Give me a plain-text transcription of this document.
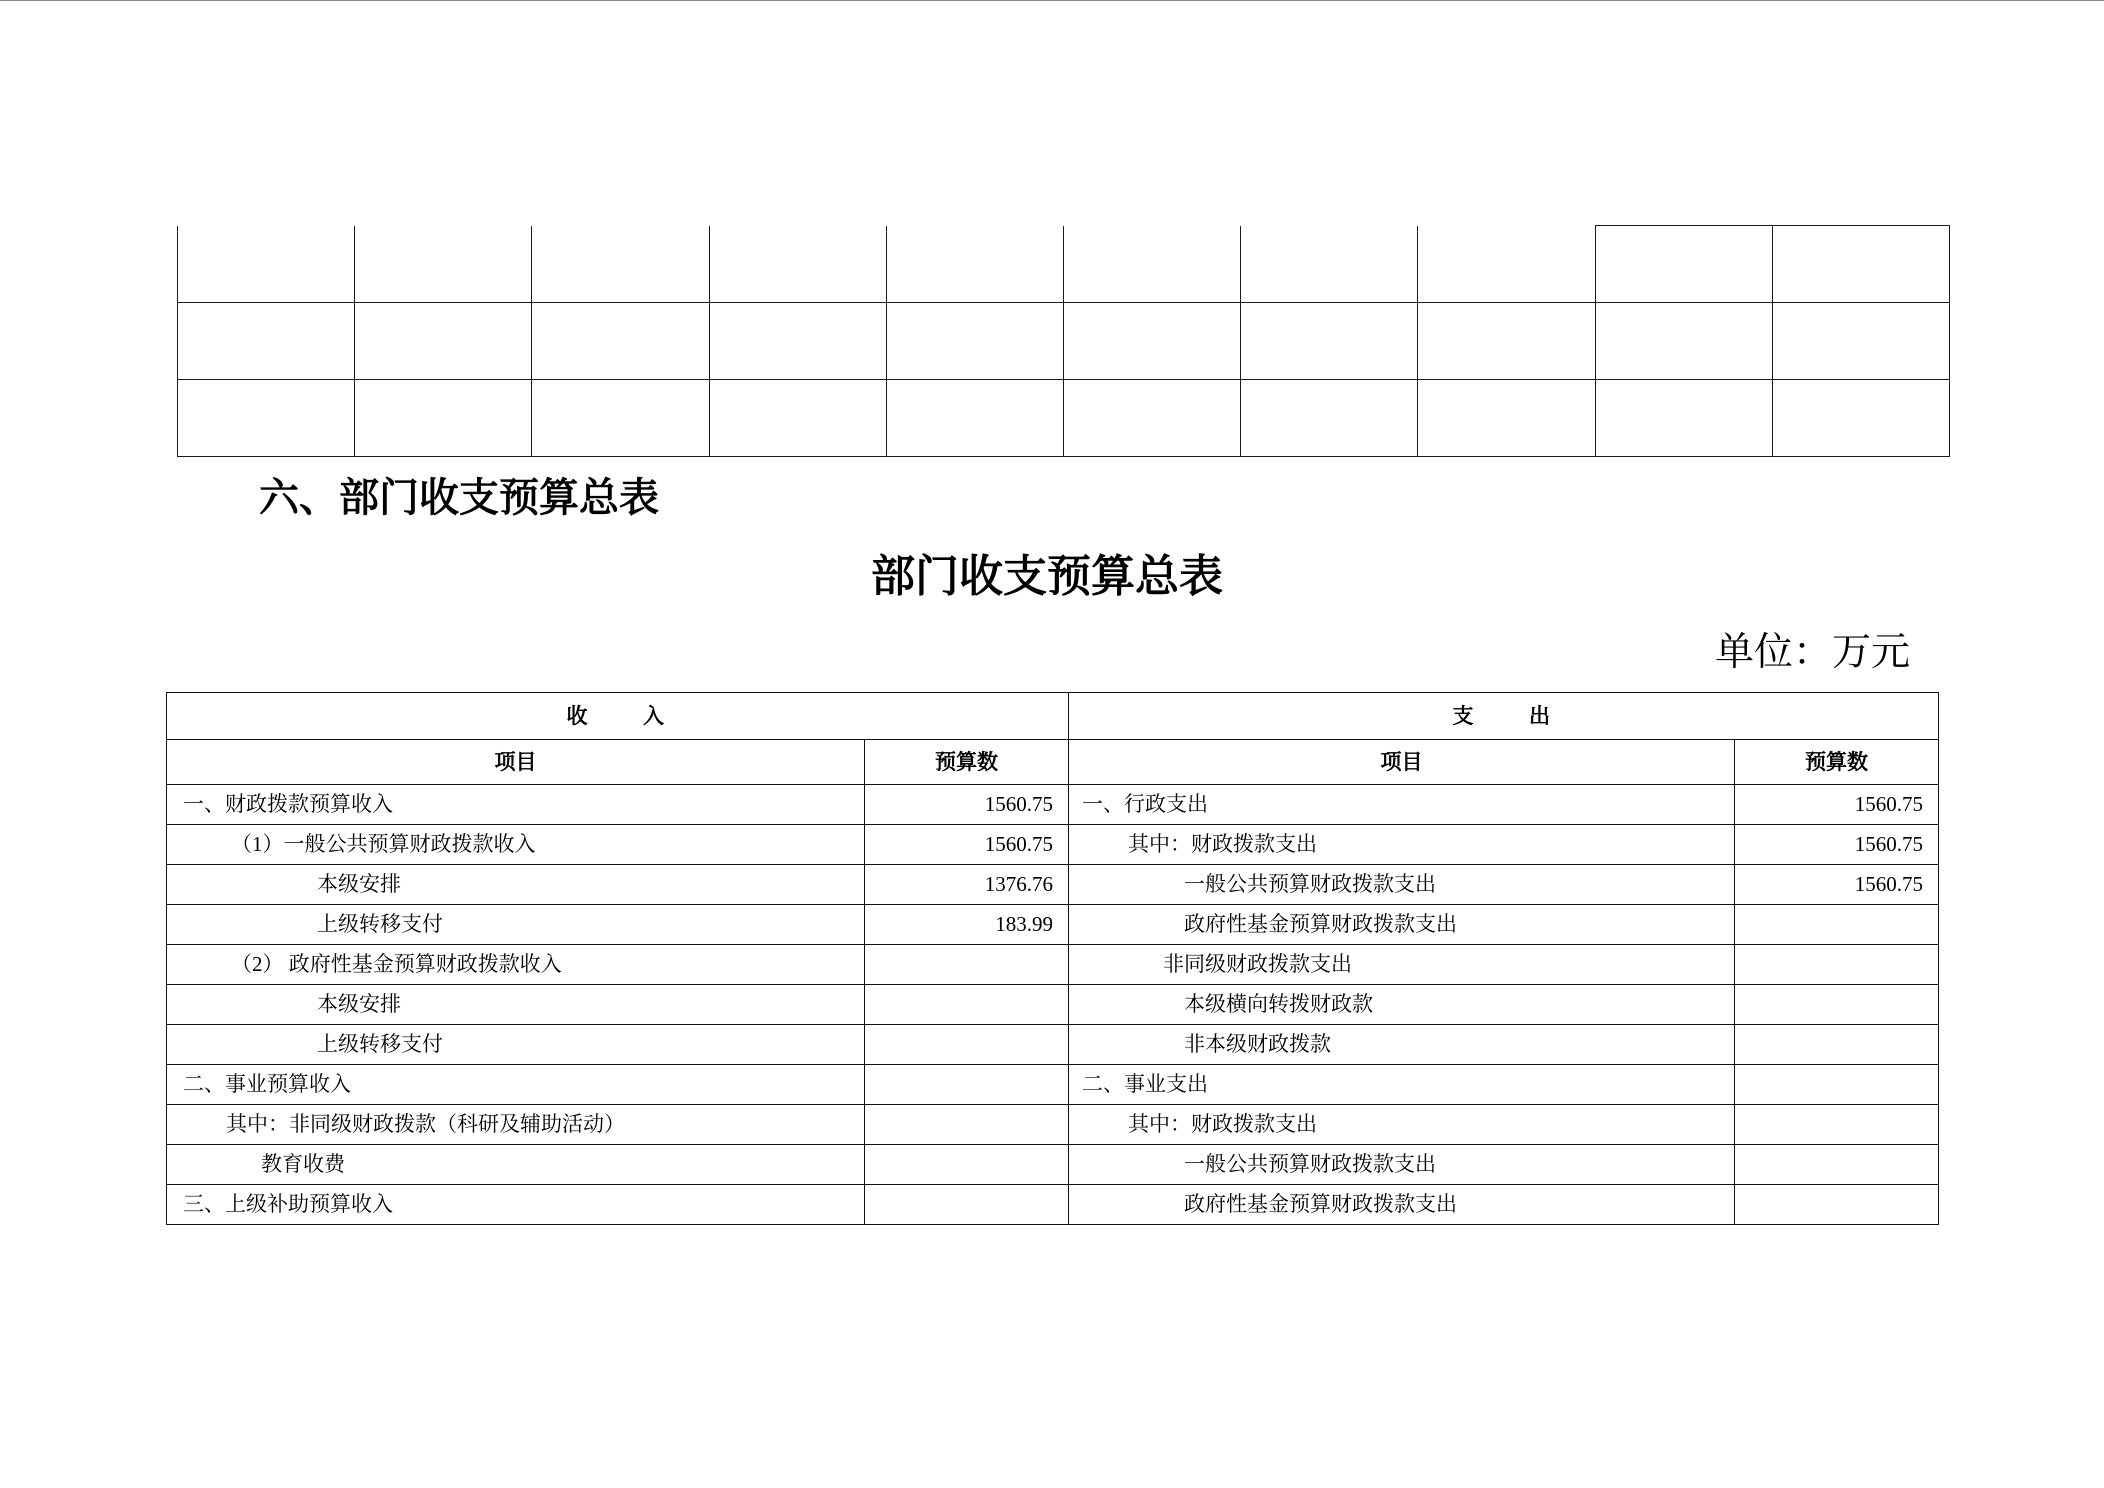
六、部门收支预算总表
部门收支预算总表
单位：万元
收　　入		支　　出	
项目	预算数	项目	预算数
一、财政拨款预算收入	1560.75	一、行政支出	1560.75
（1）一般公共预算财政拨款收入	1560.75	其中：财政拨款支出	1560.75
本级安排	1376.76	一般公共预算财政拨款支出	1560.75
上级转移支付	183.99	政府性基金预算财政拨款支出	
（2） 政府性基金预算财政拨款收入		非同级财政拨款支出	
本级安排		本级横向转拨财政款	
上级转移支付		非本级财政拨款	
二、事业预算收入		二、事业支出	
其中：非同级财政拨款（科研及辅助活动）		其中：财政拨款支出	
教育收费		一般公共预算财政拨款支出	
三、上级补助预算收入		政府性基金预算财政拨款支出	
